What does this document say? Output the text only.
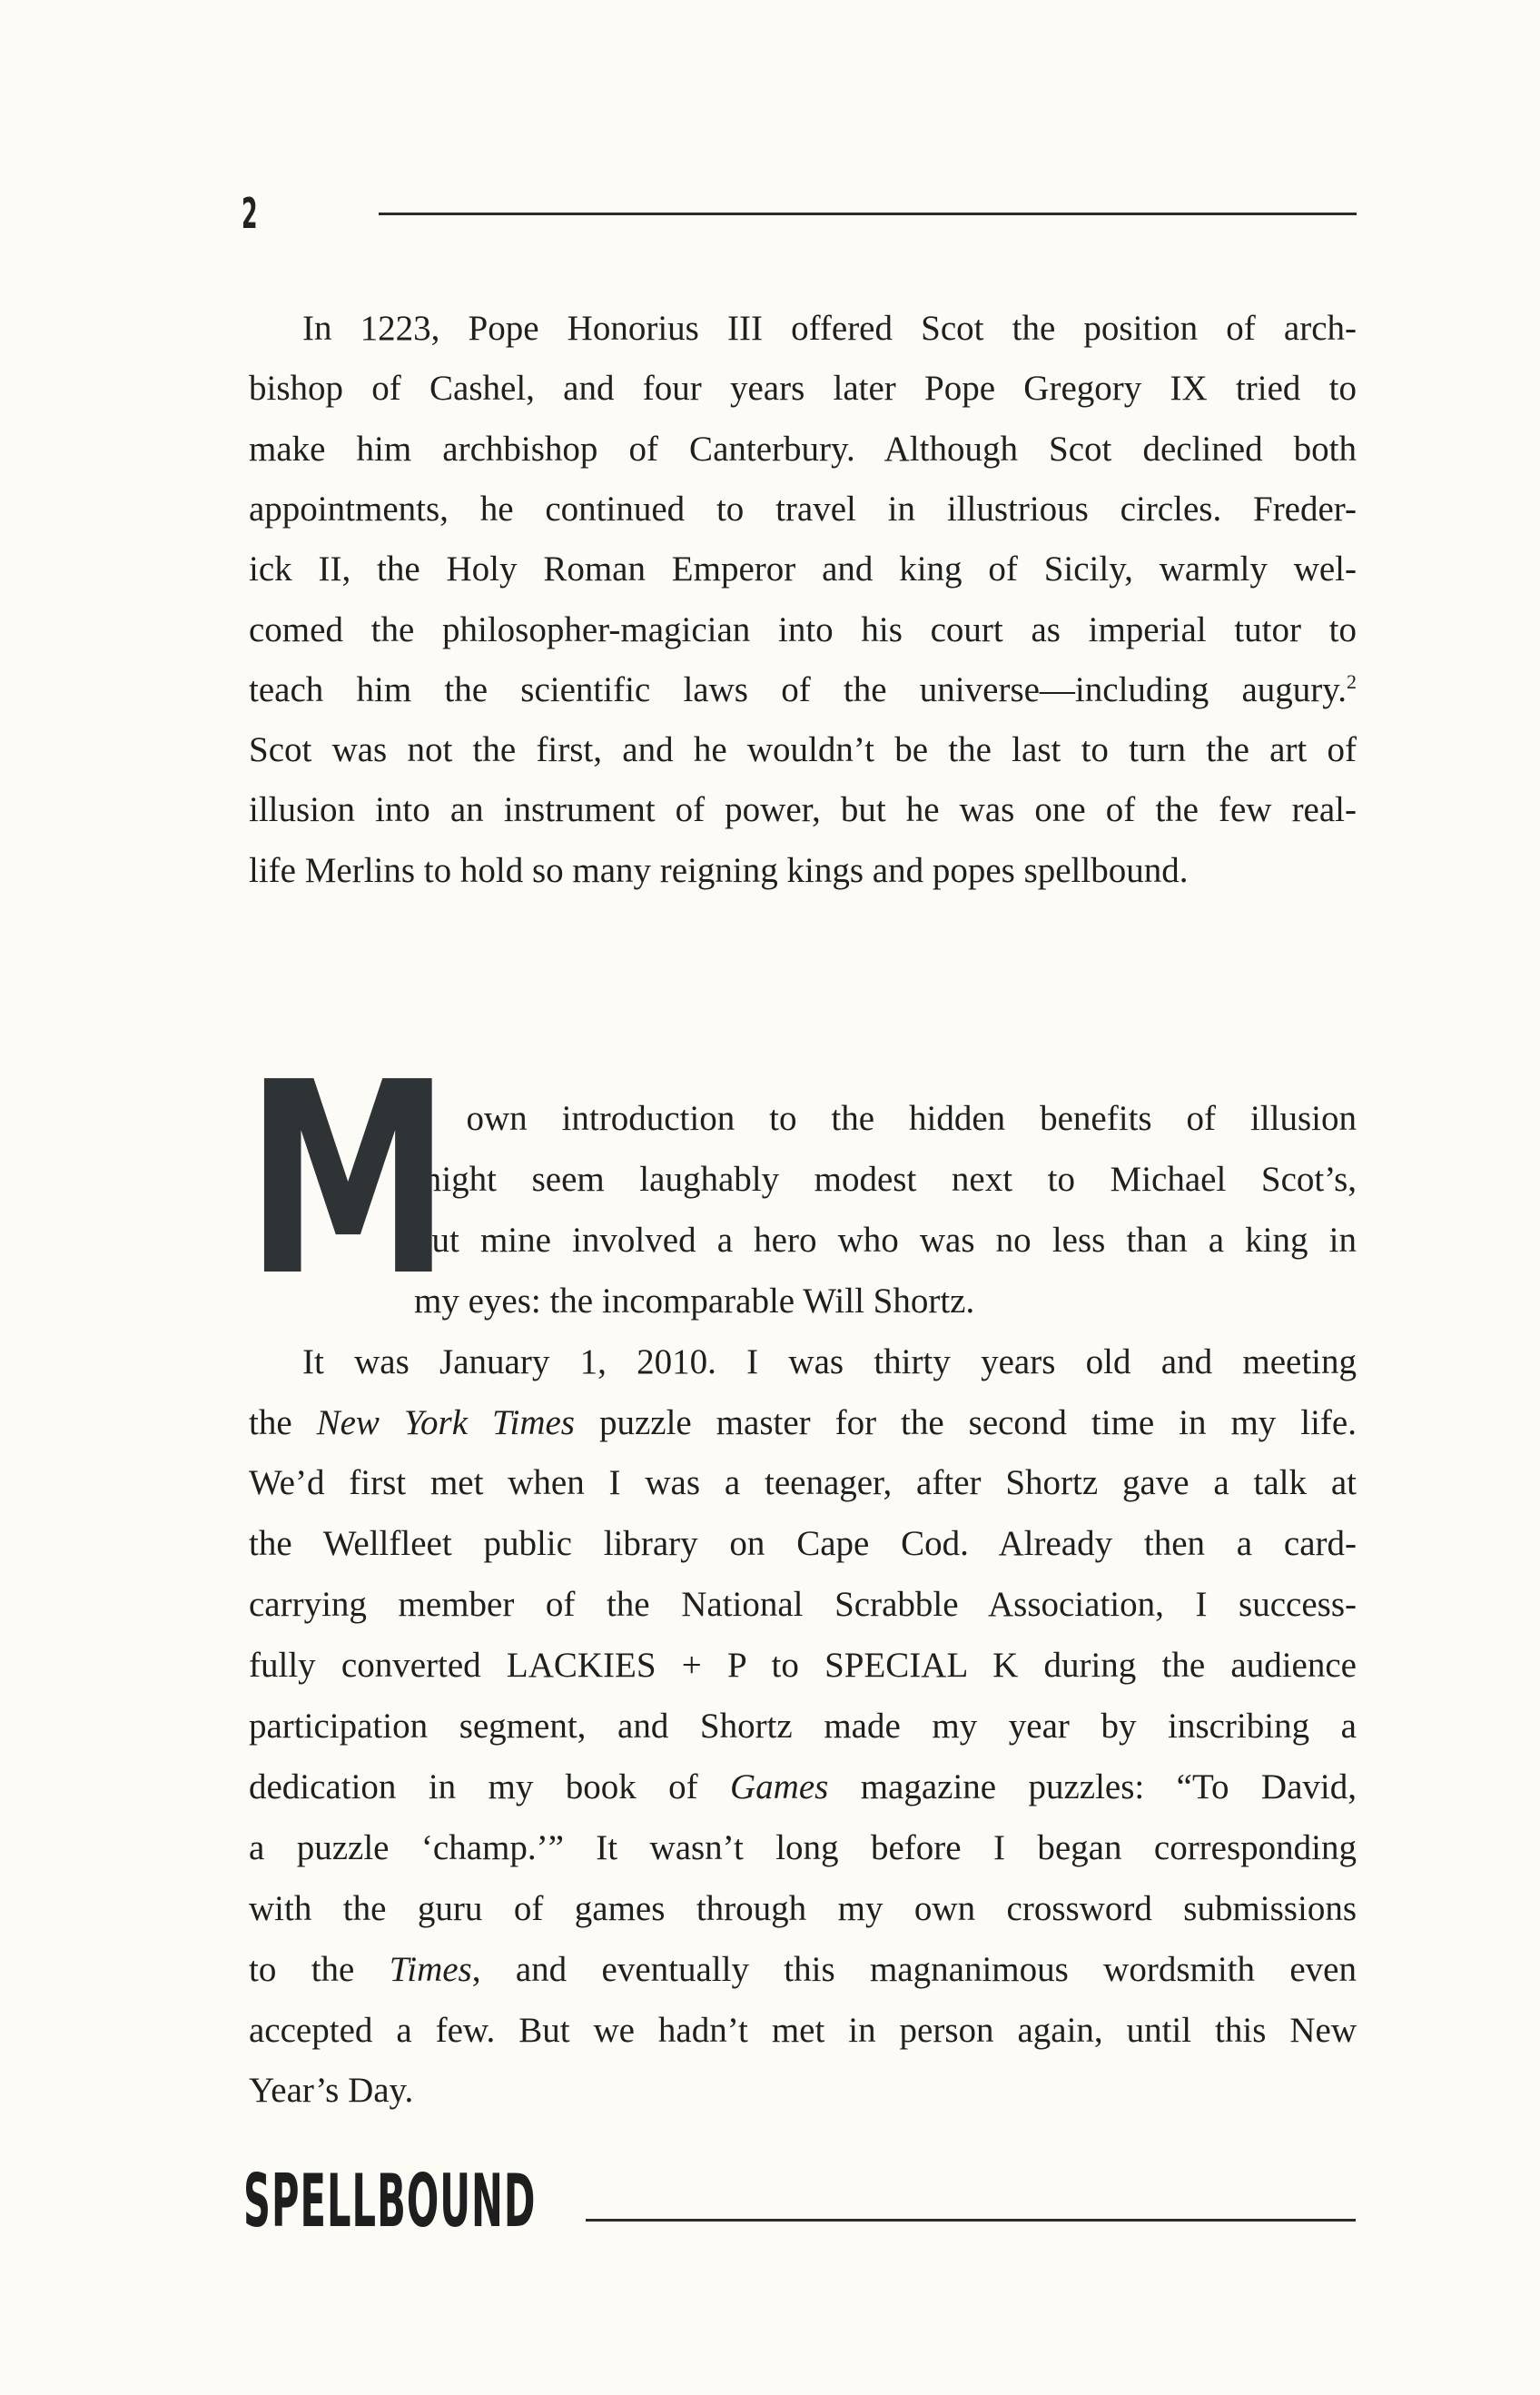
2
In 1223, Pope Honorius III offered Scot the position of arch-
bishop of Cashel, and four years later Pope Gregory IX tried to
make him archbishop of Canterbury. Although Scot declined both
appointments, he continued to travel in illustrious circles. Freder-
ick II, the Holy Roman Emperor and king of Sicily, warmly wel-
comed the philosopher-magician into his court as imperial tutor to
teach him the scientific laws of the universe—including augury.$^2$
Scot was not the first, and he wouldn’t be the last to turn the art of
illusion into an instrument of power, but he was one of the few real-
life Merlins to hold so many reigning kings and popes spellbound.
y own introduction to the hidden benefits of illusion
might seem laughably modest next to Michael Scot’s,
but mine involved a hero who was no less than a king in
my eyes: the incomparable Will Shortz.
It was January 1, 2010. I was thirty years old and meeting
the New York Times puzzle master for the second time in my life.
We’d first met when I was a teenager, after Shortz gave a talk at
the Wellfleet public library on Cape Cod. Already then a card-
carrying member of the National Scrabble Association, I success-
fully converted LACKIES + P to SPECIAL K during the audience
participation segment, and Shortz made my year by inscribing a
dedication in my book of Games magazine puzzles: “To David,
a puzzle ‘champ.’” It wasn’t long before I began corresponding
with the guru of games through my own crossword submissions
to the Times, and eventually this magnanimous wordsmith even
accepted a few. But we hadn’t met in person again, until this New
Year’s Day.
M
SPELLBOUND
